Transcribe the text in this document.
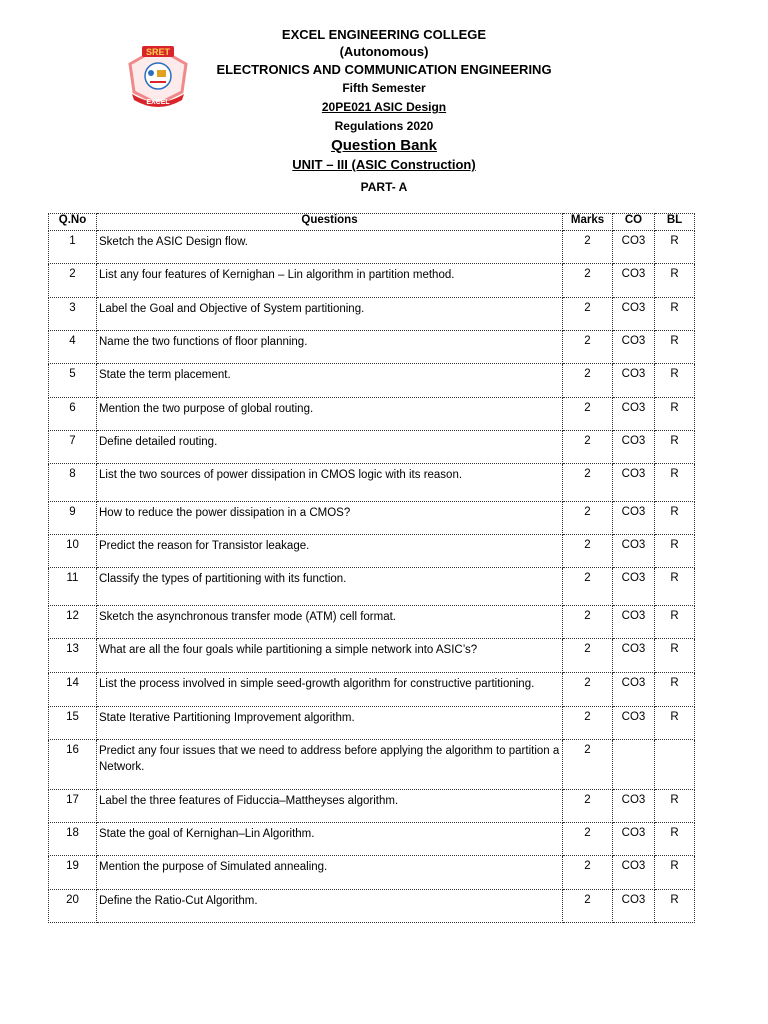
SRET
EXCEL
EXCEL ENGINEERING COLLEGE
(Autonomous)
ELECTRONICS AND COMMUNICATION ENGINEERING
Fifth Semester
20PE021 ASIC Design
Regulations 2020
Question Bank
UNIT – III (ASIC Construction)
PART- A
Q.No	Questions	Marks	CO	BL
1	Sketch the ASIC Design flow.	2	CO3	R
2	List any four features of Kernighan – Lin algorithm in partition method.	2	CO3	R
3	Label the Goal and Objective of System partitioning.	2	CO3	R
4	Name the two functions of floor planning.	2	CO3	R
5	State the term placement.	2	CO3	R
6	Mention the two purpose of global routing.	2	CO3	R
7	Define detailed routing.	2	CO3	R
8	List the two sources of power dissipation in CMOS logic with its reason.	2	CO3	R
9	How to reduce the power dissipation in a CMOS?	2	CO3	R
10	Predict the reason for Transistor leakage.	2	CO3	R
11	Classify the types of partitioning with its function.	2	CO3	R
12	Sketch the asynchronous transfer mode (ATM) cell format.	2	CO3	R
13	What are all the four goals while partitioning a simple network into ASIC’s?	2	CO3	R
14	List the process involved in simple seed-growth algorithm for constructive partitioning.	2	CO3	R
15	State Iterative Partitioning Improvement algorithm.	2	CO3	R
16	Predict any four issues that we need to address before applying the algorithm to partition a Network.	2		
17	Label the three features of Fiduccia–Mattheyses algorithm.	2	CO3	R
18	State the goal of Kernighan–Lin Algorithm.	2	CO3	R
19	Mention the purpose of Simulated annealing.	2	CO3	R
20	Define the Ratio-Cut Algorithm.	2	CO3	R
